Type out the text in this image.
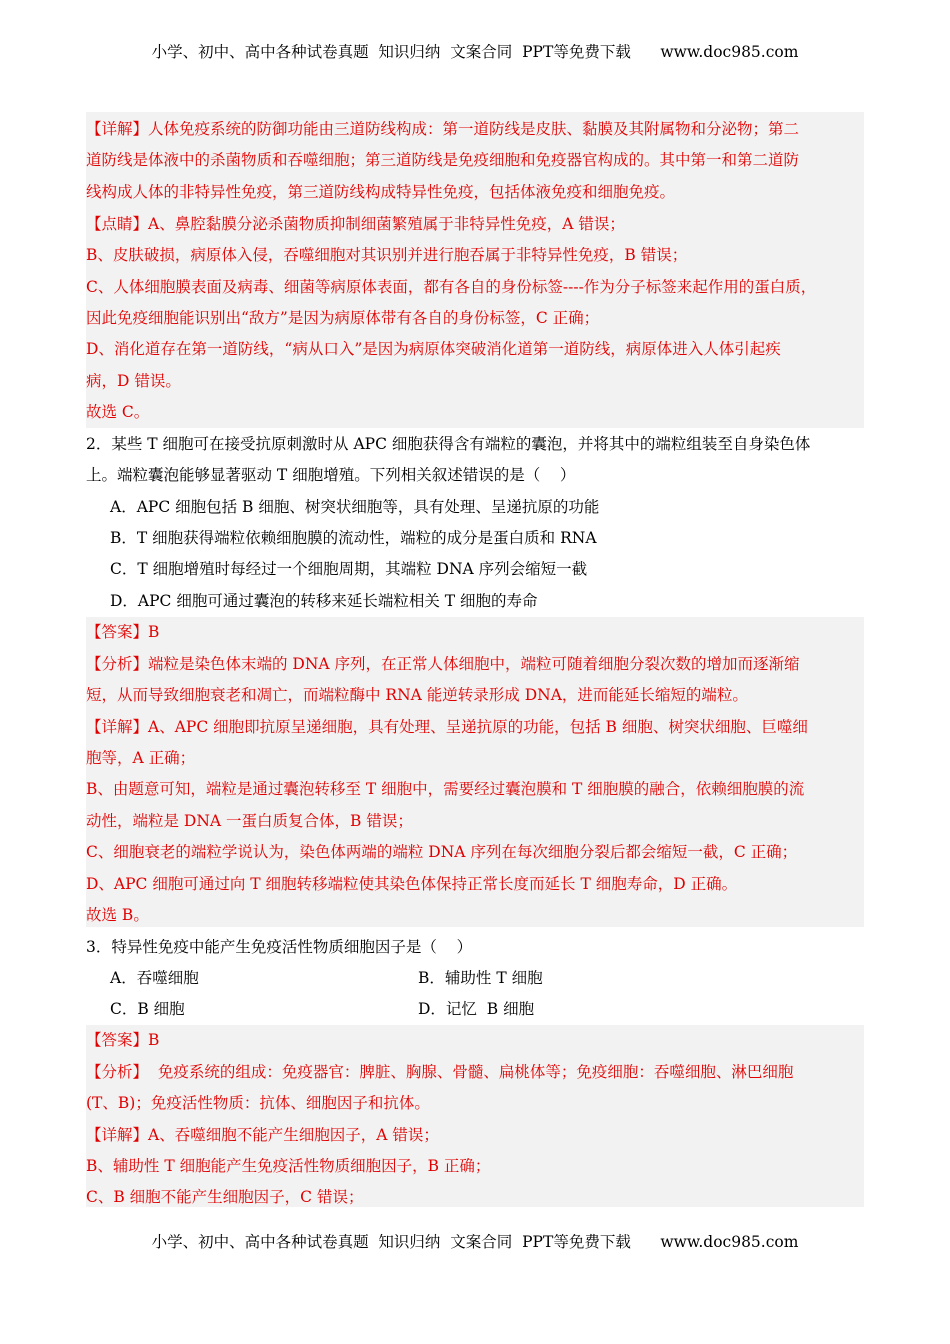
小学、初中、高中各种试卷真题  知识归纳  文案合同  PPT等免费下载      www.doc985.com
【详解】人体免疫系统的防御功能由三道防线构成：第一道防线是皮肤、黏膜及其附属物和分泌物；第二
道防线是体液中的杀菌物质和吞噬细胞；第三道防线是免疫细胞和免疫器官构成的。其中第一和第二道防
线构成人体的非特异性免疫，第三道防线构成特异性免疫，包括体液免疫和细胞免疫。
【点睛】A、鼻腔黏膜分泌杀菌物质抑制细菌繁殖属于非特异性免疫，A 错误；
B、皮肤破损，病原体入侵，吞噬细胞对其识别并进行胞吞属于非特异性免疫，B 错误；
C、人体细胞膜表面及病毒、细菌等病原体表面，都有各自的身份标签----作为分子标签来起作用的蛋白质，
因此免疫细胞能识别出“敌方”是因为病原体带有各自的身份标签，C 正确；
D、消化道存在第一道防线，“病从口入”是因为病原体突破消化道第一道防线，病原体进入人体引起疾
病，D 错误。
故选 C。
2．某些 T 细胞可在接受抗原刺激时从 APC 细胞获得含有端粒的囊泡，并将其中的端粒组装至自身染色体
上。端粒囊泡能够显著驱动 T 细胞增殖。下列相关叙述错误的是（    ）
A．APC 细胞包括 B 细胞、树突状细胞等，具有处理、呈递抗原的功能
B．T 细胞获得端粒依赖细胞膜的流动性，端粒的成分是蛋白质和 RNA
C．T 细胞增殖时每经过一个细胞周期，其端粒 DNA 序列会缩短一截
D．APC 细胞可通过囊泡的转移来延长端粒相关 T 细胞的寿命
【答案】B
【分析】端粒是染色体末端的 DNA 序列，在正常人体细胞中，端粒可随着细胞分裂次数的增加而逐渐缩
短，从而导致细胞衰老和凋亡，而端粒酶中 RNA 能逆转录形成 DNA，进而能延长缩短的端粒。
【详解】A、APC 细胞即抗原呈递细胞，具有处理、呈递抗原的功能，包括 B 细胞、树突状细胞、巨噬细
胞等，A 正确；
B、由题意可知，端粒是通过囊泡转移至 T 细胞中，需要经过囊泡膜和 T 细胞膜的融合，依赖细胞膜的流
动性，端粒是 DNA 一蛋白质复合体，B 错误；
C、细胞衰老的端粒学说认为，染色体两端的端粒 DNA 序列在每次细胞分裂后都会缩短一截，C 正确；
D、APC 细胞可通过向 T 细胞转移端粒使其染色体保持正常长度而延长 T 细胞寿命，D 正确。
故选 B。
3．特异性免疫中能产生免疫活性物质细胞因子是（    ）
A．吞噬细胞	B．辅助性 T 细胞
C．B 细胞	D．记忆  B 细胞
【答案】B
【分析】  免疫系统的组成：免疫器官：脾脏、胸腺、骨髓、扁桃体等；免疫细胞：吞噬细胞、淋巴细胞
(T、B)；免疫活性物质：抗体、细胞因子和抗体。
【详解】A、吞噬细胞不能产生细胞因子，A 错误；
B、辅助性 T 细胞能产生免疫活性物质细胞因子，B 正确；
C、B 细胞不能产生细胞因子，C 错误；
小学、初中、高中各种试卷真题  知识归纳  文案合同  PPT等免费下载      www.doc985.com
